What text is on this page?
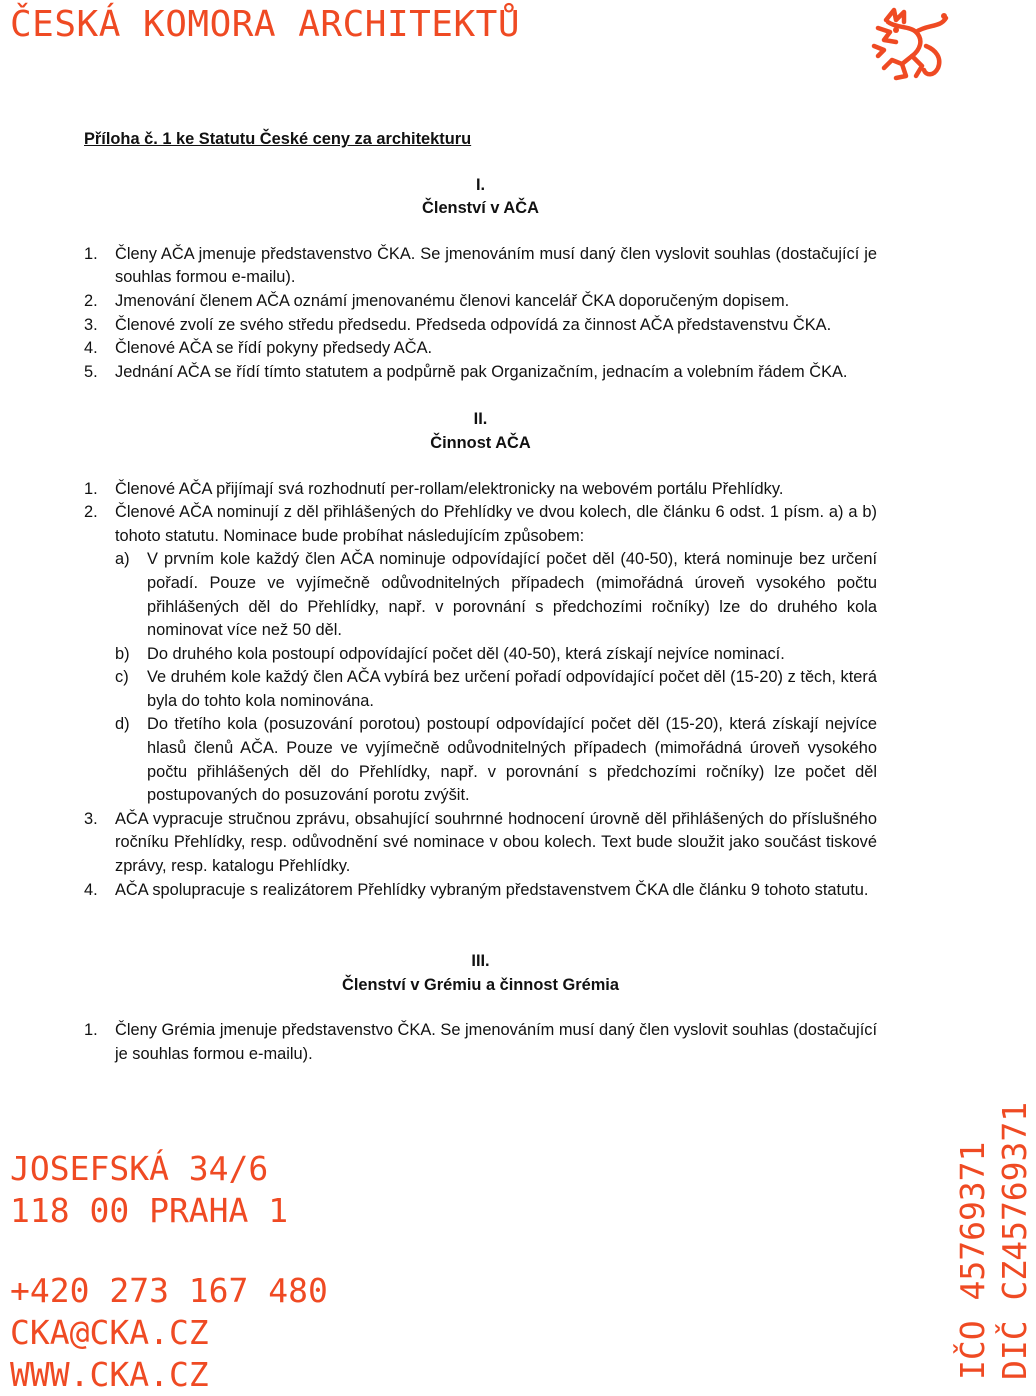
ČESKÁ KOMORA ARCHITEKTŮ
Příloha č. 1 ke Statutu České ceny za architekturu
I.
Členství v AČA
1.	Členy AČA jmenuje představenstvo ČKA. Se jmenováním musí daný člen vyslovit souhlas (dostačující je souhlas formou e-mailu).
2.	Jmenování členem AČA oznámí jmenovanému členovi kancelář ČKA doporučeným dopisem.
3.	Členové zvolí ze svého středu předsedu. Předseda odpovídá za činnost AČA představenstvu ČKA.
4.	Členové AČA se řídí pokyny předsedy AČA.
5.	Jednání AČA se řídí tímto statutem a podpůrně pak Organizačním, jednacím a volebním řádem ČKA.
II.
Činnost AČA
1.	Členové AČA přijímají svá rozhodnutí per-rollam/elektronicky na webovém portálu Přehlídky.
2.	Členové AČA nominují z děl přihlášených do Přehlídky ve dvou kolech, dle článku 6 odst. 1 písm. a) a b) tohoto statutu. Nominace bude probíhat následujícím způsobem:
a)	V prvním kole každý člen AČA nominuje odpovídající počet děl (40-50), která nominuje bez určení pořadí. Pouze ve vyjímečně odůvodnitelných případech (mimořádná úroveň vysokého počtu přihlášených děl do Přehlídky, např. v porovnání s předchozími ročníky) lze do druhého kola nominovat více než 50 děl.
b)	Do druhého kola postoupí odpovídající počet děl (40-50), která získají nejvíce nominací.
c)	Ve druhém kole každý člen AČA vybírá bez určení pořadí odpovídající počet děl (15-20) z těch, která byla do tohto kola nominována.
d)	Do třetího kola (posuzování porotou) postoupí odpovídající počet děl (15-20), která získají nejvíce hlasů členů AČA. Pouze ve vyjímečně odůvodnitelných případech (mimořádná úroveň vysokého počtu přihlášených děl do Přehlídky, např. v porovnání s předchozími ročníky) lze počet děl postupovaných do posuzování porotu zvýšit.
3.	AČA vypracuje stručnou zprávu, obsahující souhrnné hodnocení úrovně děl přihlášených do příslušného ročníku Přehlídky, resp. odůvodnění své nominace v obou kolech. Text bude sloužit jako součást tiskové zprávy, resp. katalogu Přehlídky.
4.	AČA spolupracuje s realizátorem Přehlídky vybraným představenstvem ČKA dle článku 9 tohoto statutu.
III.
Členství v Grémiu a činnost Grémia
1.	Členy Grémia jmenuje představenstvo ČKA. Se jmenováním musí daný člen vyslovit souhlas (dostačující je souhlas formou e-mailu).
JOSEFSKÁ 34/6
118 00 PRAHA 1
+420 273 167 480
CKA@CKA.CZ
WWW.CKA.CZ	IČO 45769371 DIČ CZ45769371
